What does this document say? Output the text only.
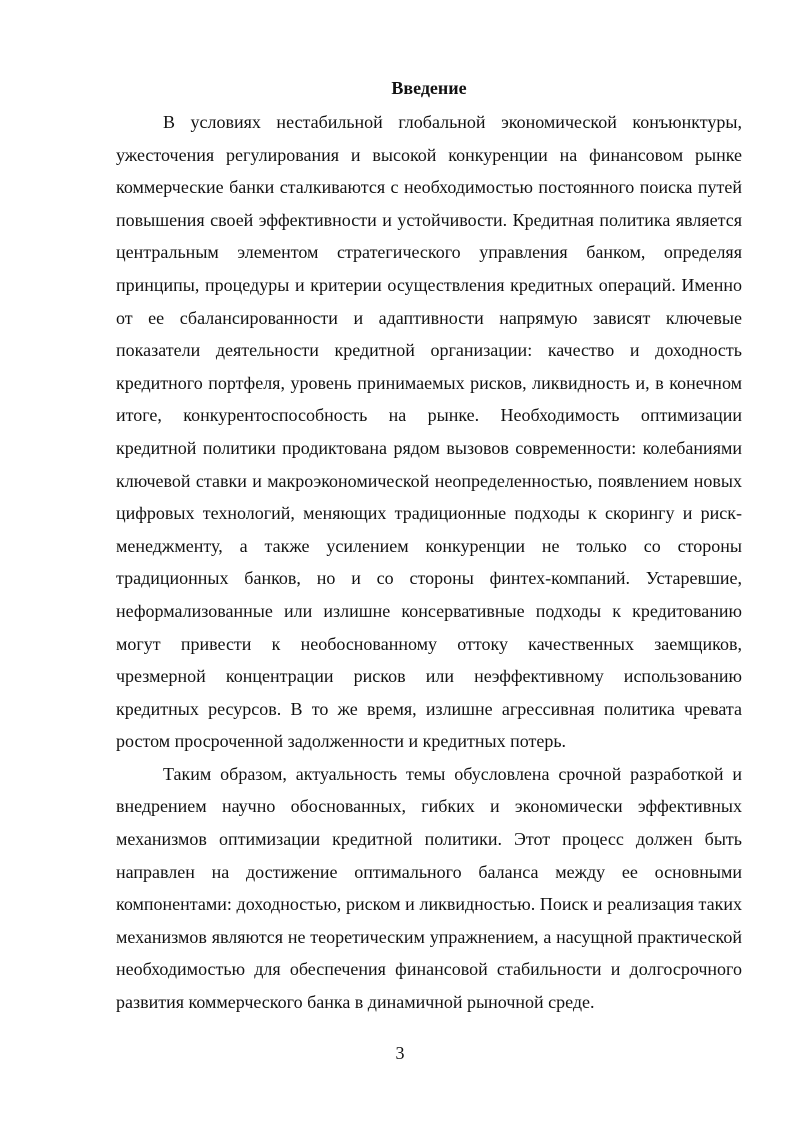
Введение

В условиях нестабильной глобальной экономической конъюнктуры, ужесточения регулирования и высокой конкуренции на финансовом рынке коммерческие банки сталкиваются с необходимостью постоянного поиска путей повышения своей эффективности и устойчивости. Кредитная политика является центральным элементом стратегического управления банком, определяя принципы, процедуры и критерии осуществления кредитных операций. Именно от ее сбалансированности и адаптивности напрямую зависят ключевые показатели деятельности кредитной организации: качество и доходность кредитного портфеля, уровень принимаемых рисков, ликвидность и, в конечном итоге, конкурентоспособность на рынке. Необходимость оптимизации кредитной политики продиктована рядом вызовов современности: колебаниями ключевой ставки и макроэкономической неопределенностью, появлением новых цифровых технологий, меняющих традиционные подходы к скорингу и риск-менеджменту, а также усилением конкуренции не только со стороны традиционных банков, но и со стороны финтех-компаний. Устаревшие, неформализованные или излишне консервативные подходы к кредитованию могут привести к необоснованному оттоку качественных заемщиков, чрезмерной концентрации рисков или неэффективному использованию кредитных ресурсов. В то же время, излишне агрессивная политика чревата ростом просроченной задолженности и кредитных потерь.

Таким образом, актуальность темы обусловлена срочной разработкой и внедрением научно обоснованных, гибких и экономически эффективных механизмов оптимизации кредитной политики. Этот процесс должен быть направлен на достижение оптимального баланса между ее основными компонентами: доходностью, риском и ликвидностью. Поиск и реализация таких механизмов являются не теоретическим упражнением, а насущной практической необходимостью для обеспечения финансовой стабильности и долгосрочного развития коммерческого банка в динамичной рыночной среде.

3
